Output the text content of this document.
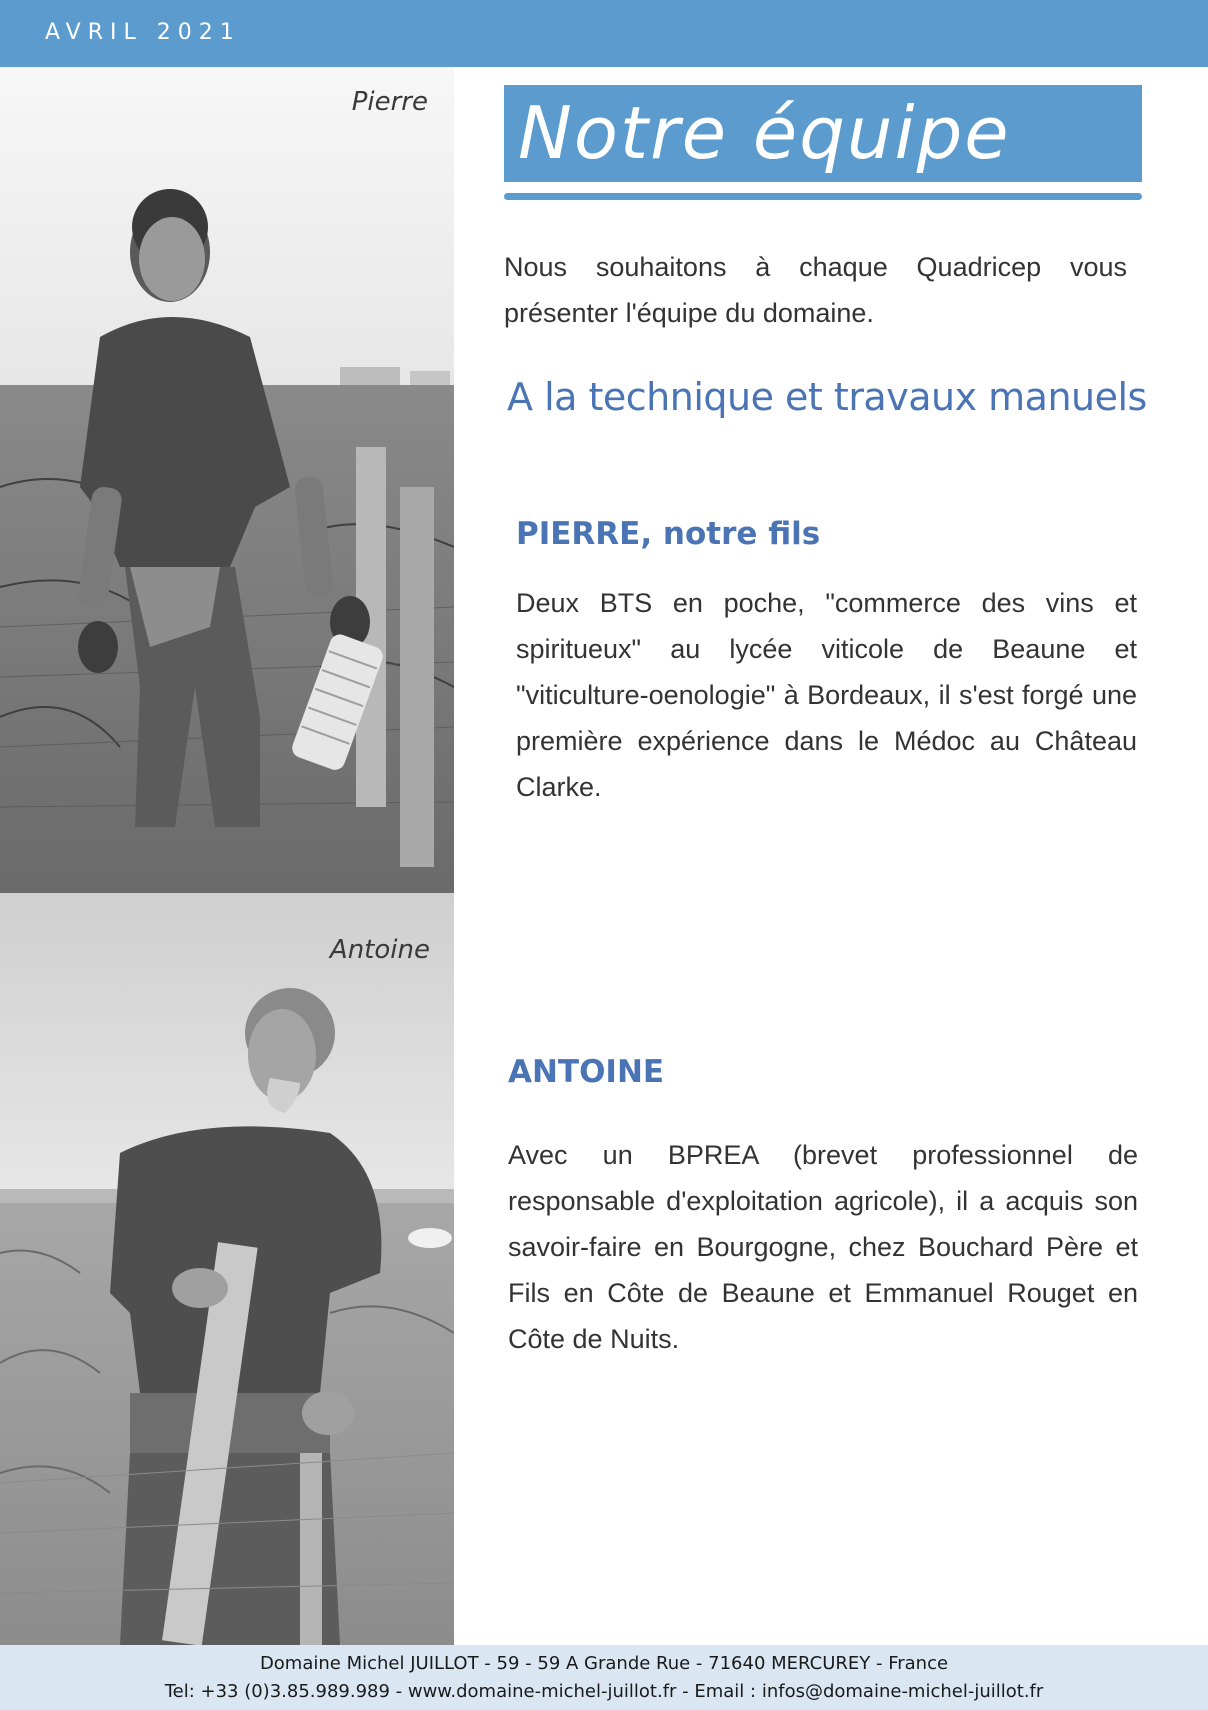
AVRIL 2021
Pierre
Antoine
Notre équipe

Nous souhaitons à chaque Quadricep vous présenter l'équipe du domaine.

A la technique et travaux manuels
PIERRE, notre fils

Deux BTS en poche, "commerce des vins et spiritueux" au lycée viticole de Beaune et "viticulture-oenologie" à Bordeaux, il s'est forgé une première expérience dans le Médoc au Château Clarke.

ANTOINE

Avec un BPREA (brevet professionnel de responsable d'exploitation agricole), il a acquis son savoir-faire en Bourgogne, chez Bouchard Père et Fils en Côte de Beaune et Emmanuel Rouget en Côte de Nuits.

Domaine Michel JUILLOT - 59 - 59 A Grande Rue - 71640 MERCUREY - France
Tel: +33 (0)3.85.989.989 - www.domaine-michel-juillot.fr - Email : infos@domaine-michel-juillot.fr
